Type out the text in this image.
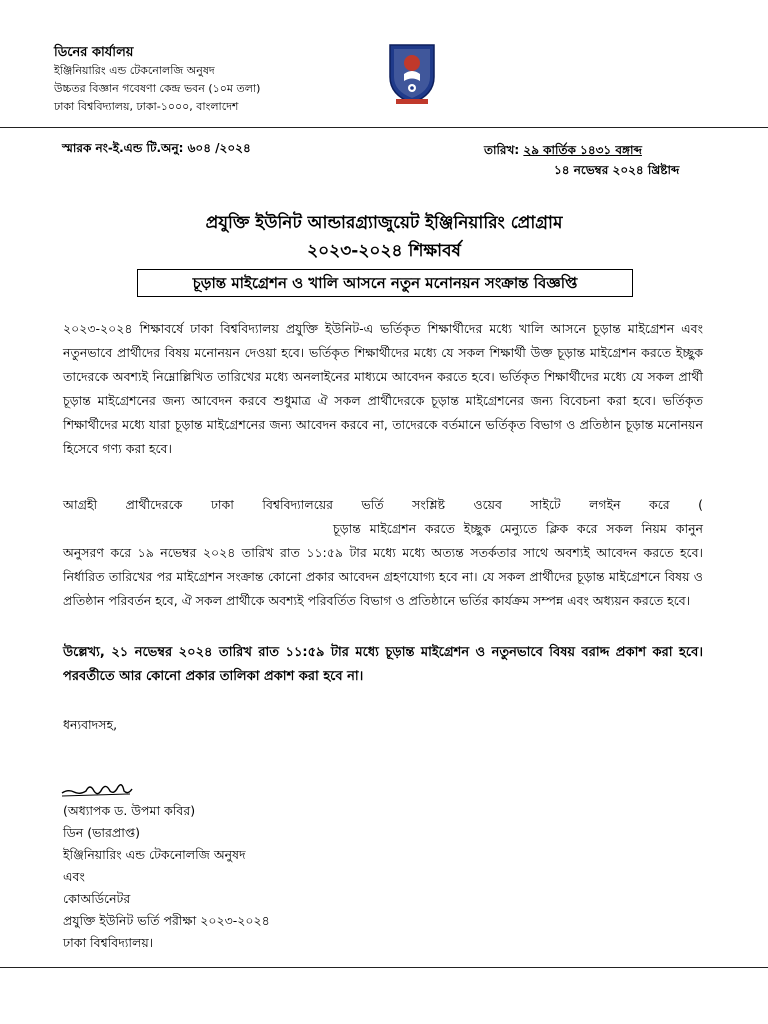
ডিনের কার্যালয়
ইঞ্জিনিয়ারিং এন্ড টেকনোলজি অনুষদ
উচ্চতর বিজ্ঞান গবেষণা কেন্দ্র ভবন (১০ম তলা)
ঢাকা বিশ্ববিদ্যালয়, ঢাকা-১০০০, বাংলাদেশ
স্মারক নং-ই.এন্ড টি.অনু: ৬০৪ /২০২৪	তারিখ: ২৯ কার্তিক ১৪৩১ বঙ্গাব্দ
১৪ নভেম্বর ২০২৪ খ্রিষ্টাব্দ
প্রযুক্তি ইউনিট আন্ডারগ্র্যাজুয়েট ইঞ্জিনিয়ারিং প্রোগ্রাম
২০২৩-২০২৪ শিক্ষাবর্ষ
চূড়ান্ত মাইগ্রেশন ও খালি আসনে নতুন মনোনয়ন সংক্রান্ত বিজ্ঞপ্তি
২০২৩-২০২৪ শিক্ষাবর্ষে ঢাকা বিশ্ববিদ্যালয় প্রযুক্তি ইউনিট-এ ভর্তিকৃত শিক্ষার্থীদের মধ্যে খালি আসনে চূড়ান্ত মাইগ্রেশন এবং নতুনভাবে প্রার্থীদের বিষয় মনোনয়ন দেওয়া হবে। ভর্তিকৃত শিক্ষার্থীদের মধ্যে যে সকল শিক্ষার্থী উক্ত চূড়ান্ত মাইগ্রেশন করতে ইচ্ছুক তাদেরকে অবশ্যই নিম্নোল্লিখিত তারিখের মধ্যে অনলাইনের মাধ্যমে আবেদন করতে হবে। ভর্তিকৃত শিক্ষার্থীদের মধ্যে যে সকল প্রার্থী চূড়ান্ত মাইগ্রেশনের জন্য আবেদন করবে শুধুমাত্র ঐ সকল প্রার্থীদেরকে চূড়ান্ত মাইগ্রেশনের জন্য বিবেচনা করা হবে। ভর্তিকৃত শিক্ষার্থীদের মধ্যে যারা চূড়ান্ত মাইগ্রেশনের জন্য আবেদন করবে না, তাদেরকে বর্তমানে ভর্তিকৃত বিভাগ ও প্রতিষ্ঠান চূড়ান্ত মনোনয়ন হিসেবে গণ্য করা হবে।
আগ্রহী প্রার্থীদেরকে ঢাকা বিশ্ববিদ্যালয়ের ভর্তি সংশ্লিষ্ট ওয়েব সাইটে লগইন করে (চূড়ান্ত মাইগ্রেশন করতে ইচ্ছুক মেন্যুতে ক্লিক করে সকল নিয়ম কানুন অনুসরণ করে ১৯ নভেম্বর ২০২৪ তারিখ রাত ১১:৫৯ টার মধ্যে মধ্যে অত্যন্ত সতর্কতার সাথে অবশ্যই আবেদন করতে হবে। নির্ধারিত তারিখের পর মাইগ্রেশন সংক্রান্ত কোনো প্রকার আবেদন গ্রহণযোগ্য হবে না। যে সকল প্রার্থীদের চূড়ান্ত মাইগ্রেশনে বিষয় ও প্রতিষ্ঠান পরিবর্তন হবে, ঐ সকল প্রার্থীকে অবশ্যই পরিবর্তিত বিভাগ ও প্রতিষ্ঠানে ভর্তির কার্যক্রম সম্পন্ন এবং অধ্যয়ন করতে হবে।
উল্লেখ্য, ২১ নভেম্বর ২০২৪ তারিখ রাত ১১:৫৯ টার মধ্যে চূড়ান্ত মাইগ্রেশন ও নতুনভাবে বিষয় বরাদ্দ প্রকাশ করা হবে। পরবর্তীতে আর কোনো প্রকার তালিকা প্রকাশ করা হবে না।
ধন্যবাদসহ,
(অধ্যাপক ড. উপমা কবির)
ডিন (ভারপ্রাপ্ত)
ইঞ্জিনিয়ারিং এন্ড টেকনোলজি অনুষদ
এবং
কোঅর্ডিনেটর
প্রযুক্তি ইউনিট ভর্তি পরীক্ষা ২০২৩-২০২৪
ঢাকা বিশ্ববিদ্যালয়।
